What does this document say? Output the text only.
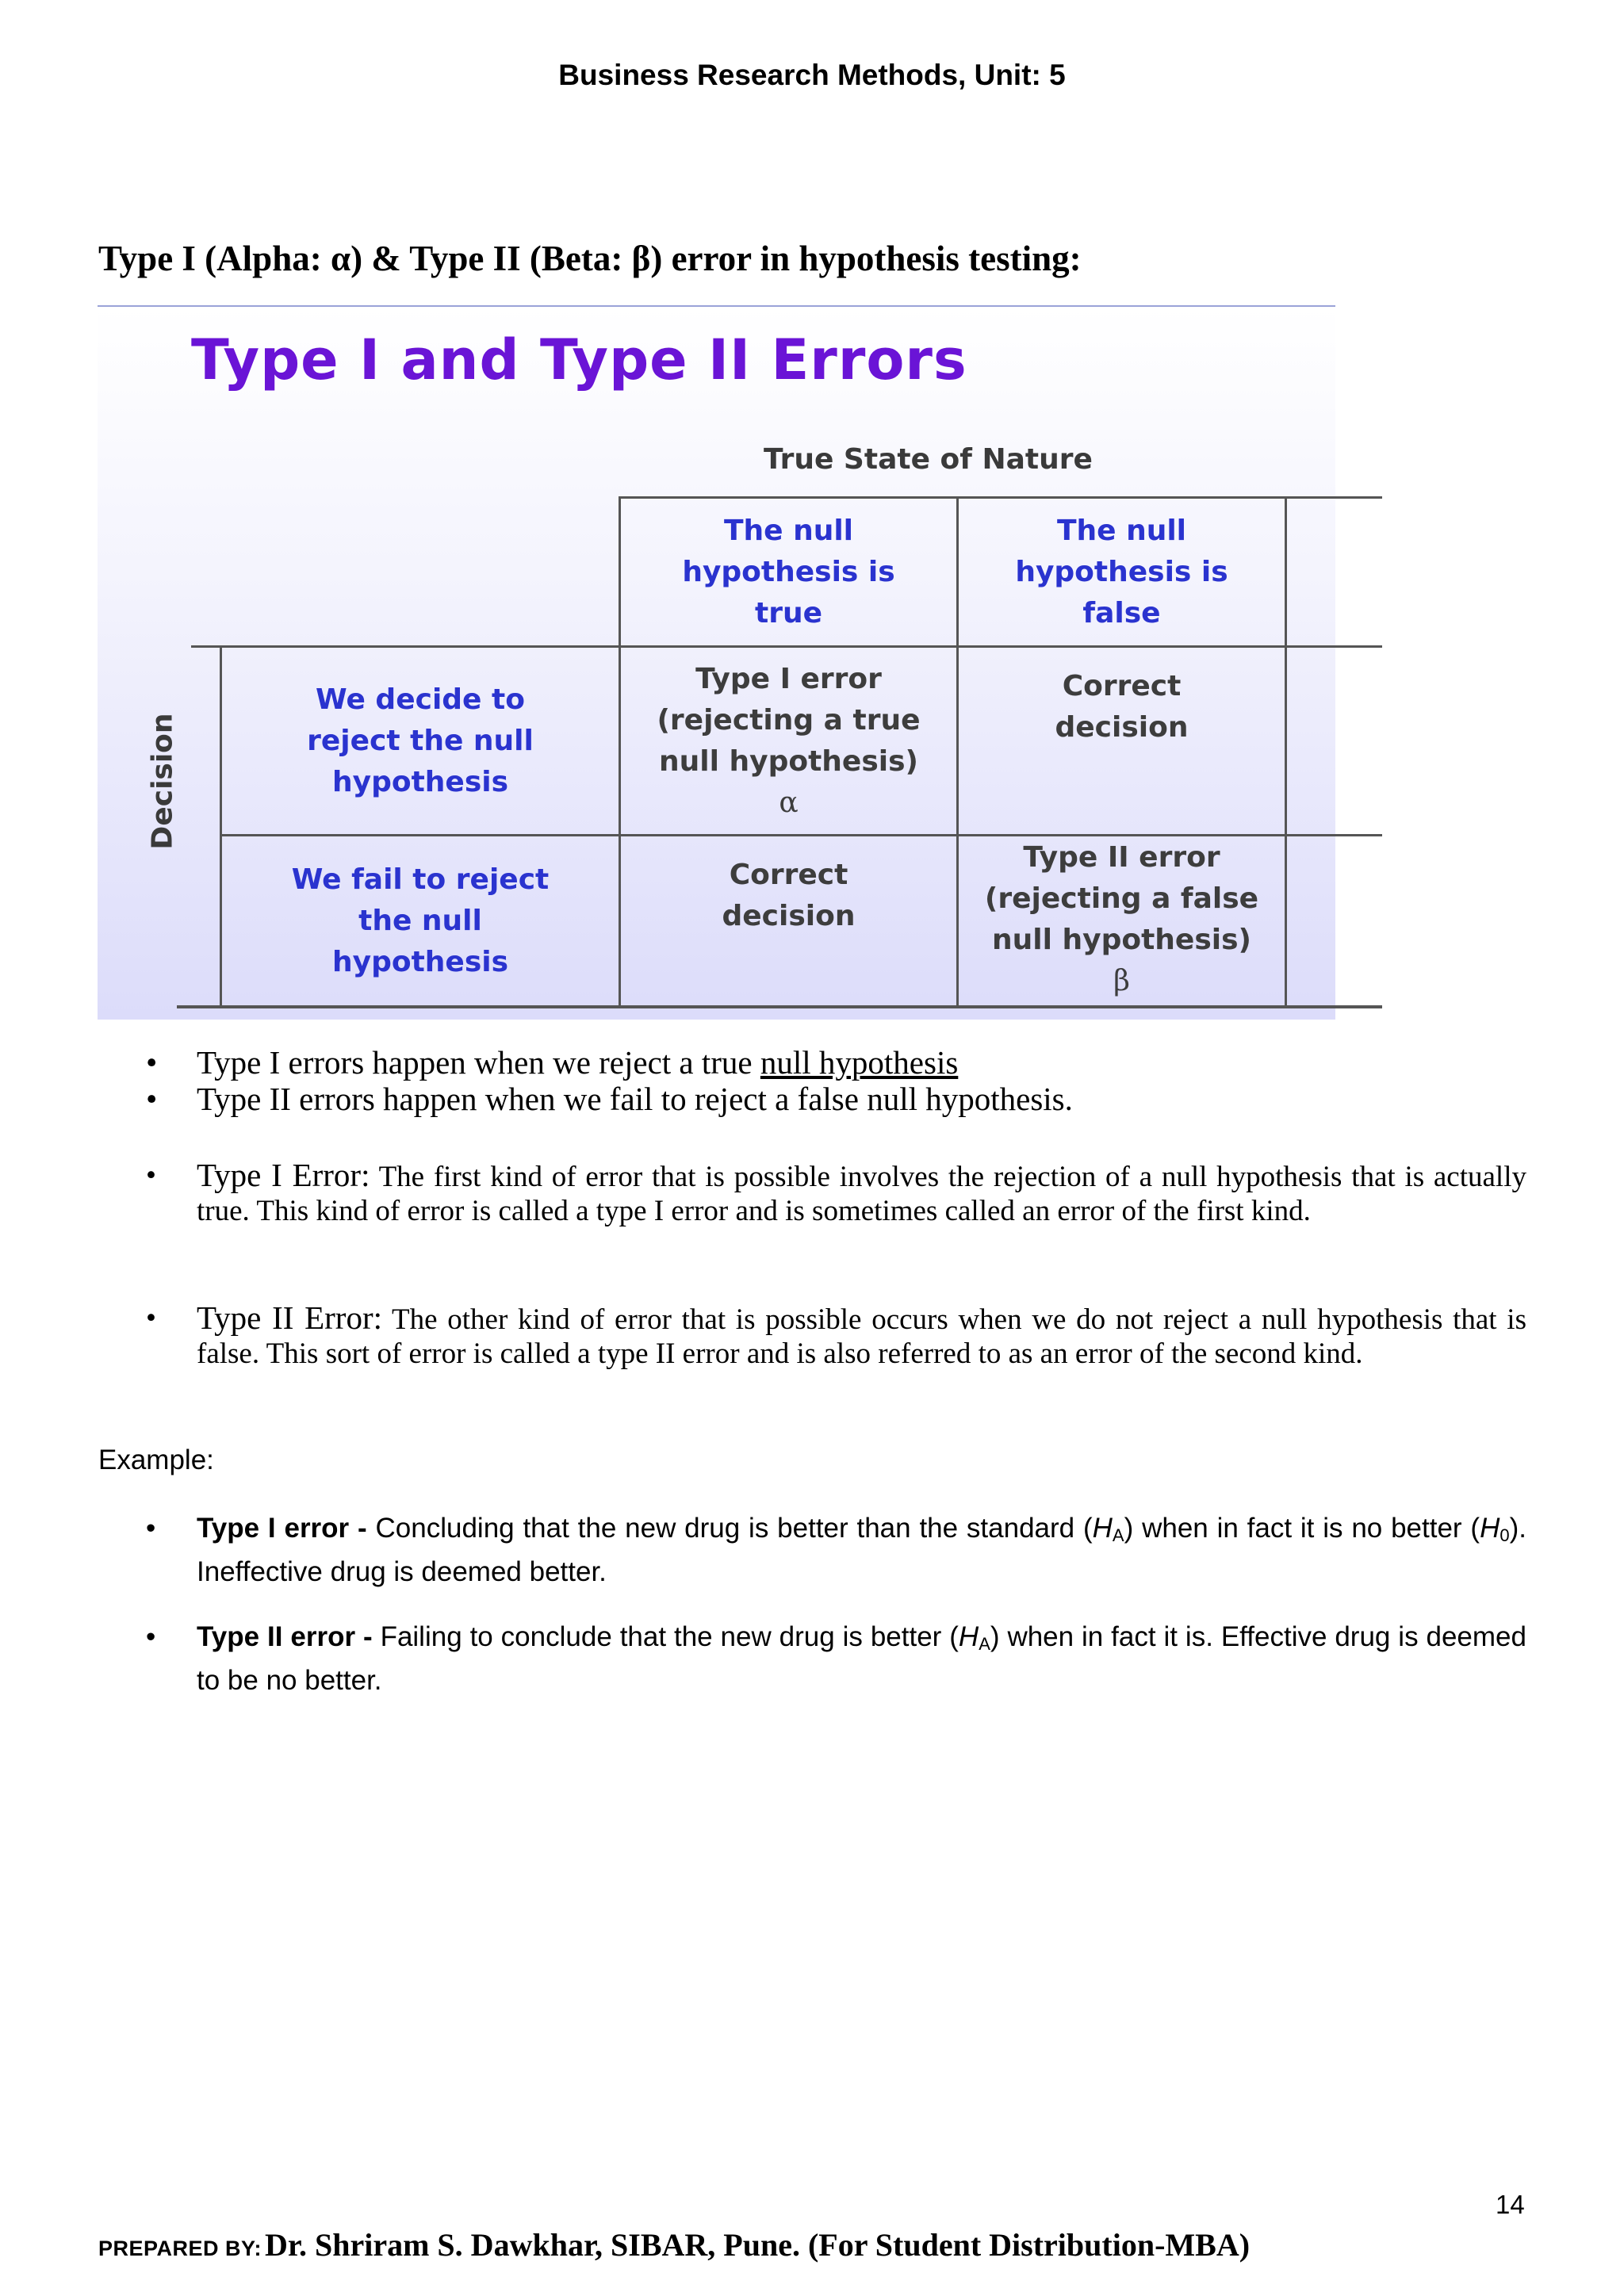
Business Research Methods, Unit: 5
Type I (Alpha: α) & Type II (Beta: β) error in hypothesis testing:
Type I and Type II Errors
True State of Nature
Decision
The null hypothesis is true
The null hypothesis is false
We decide to reject the null hypothesis
We fail to reject the null hypothesis
Type I error (rejecting a true null hypothesis)
α
Correct decision
Correct decision
Type II error (rejecting a false null hypothesis)
β
• Type I errors happen when we reject a true null hypothesis
• Type II errors happen when we fail to reject a false null hypothesis.
• Type I Error: The first kind of error that is possible involves the rejection of a null hypothesis that is actually true. This kind of error is called a type I error and is sometimes called an error of the first kind.
• Type II Error: The other kind of error that is possible occurs when we do not reject a null hypothesis that is false. This sort of error is called a type II error and is also referred to as an error of the second kind.
Example:
• Type I error - Concluding that the new drug is better than the standard $(H_A)$ when in fact it is no better $(H_0)$. Ineffective drug is deemed better.
• Type II error - Failing to conclude that the new drug is better $(H_A)$ when in fact it is. Effective drug is deemed to be no better.
14
PREPARED BY: Dr. Shriram S. Dawkhar, SIBAR, Pune. (For Student Distribution-MBA)
